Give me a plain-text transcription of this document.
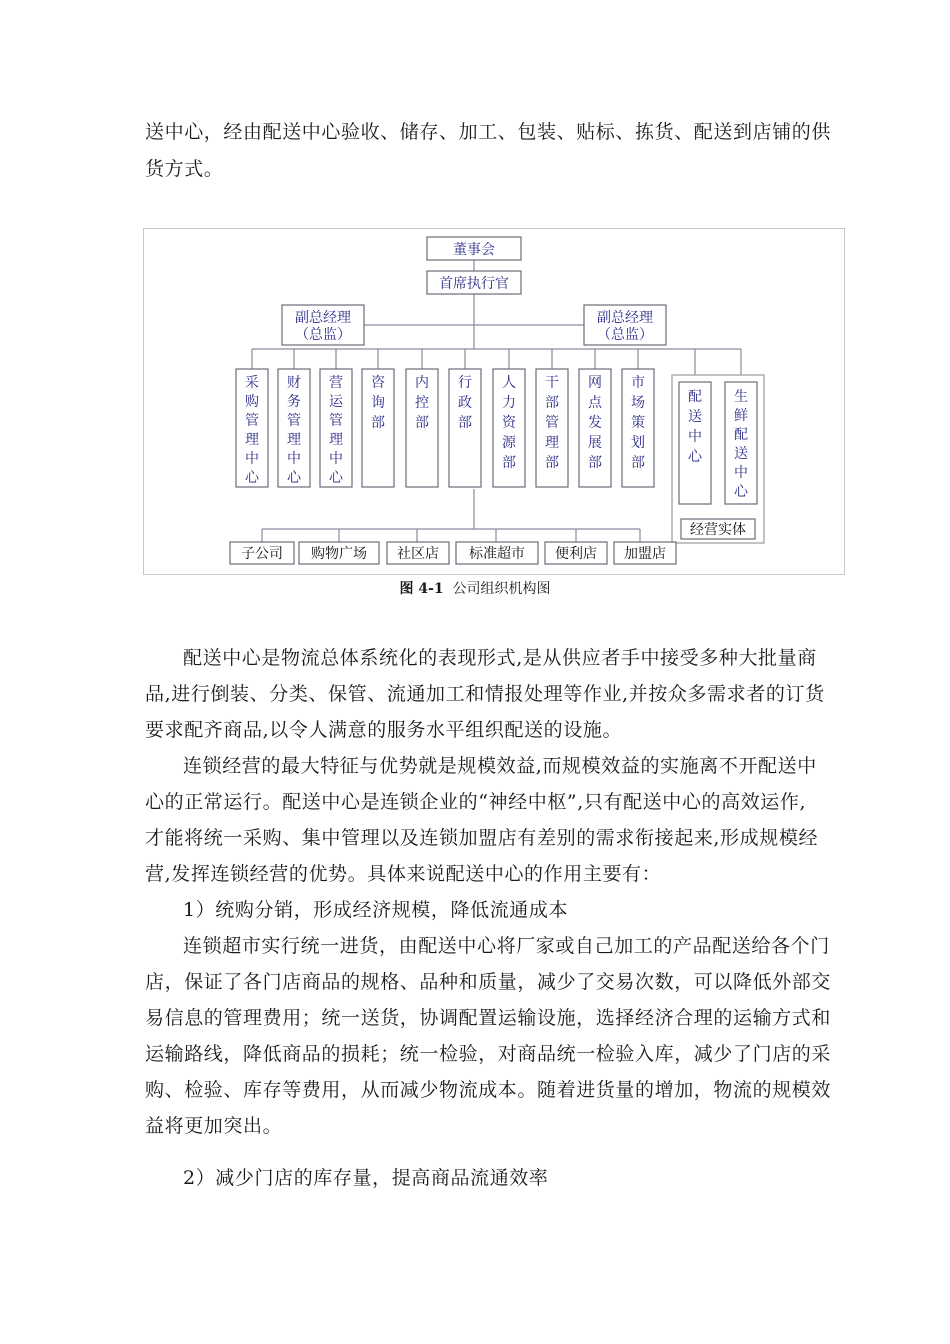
送中心，经由配送中心验收、储存、加工、包装、贴标、拣货、配送到店铺的供
货方式。
董事会
首席执行官
副总经理
（总监）
副总经理
（总监）
采购管理中心
财务管理中心
营运管理中心
咨询部
内控部
行政部
人力资源部
干部管理部
网点发展部
市场策划部
配送中心
生鲜配送中心
经营实体
子公司 购物广场 社区店 标准超市 便利店 加盟店
图 4-1 公司组织机构图
配送中心是物流总体系统化的表现形式,是从供应者手中接受多种大批量商
品,进行倒装、分类、保管、流通加工和情报处理等作业,并按众多需求者的订货
要求配齐商品,以令人满意的服务水平组织配送的设施。
连锁经营的最大特征与优势就是规模效益,而规模效益的实施离不开配送中
心的正常运行。配送中心是连锁企业的“神经中枢”,只有配送中心的高效运作,
才能将统一采购、集中管理以及连锁加盟店有差别的需求衔接起来,形成规模经
营,发挥连锁经营的优势。具体来说配送中心的作用主要有：
1）统购分销，形成经济规模，降低流通成本
连锁超市实行统一进货，由配送中心将厂家或自己加工的产品配送给各个门
店，保证了各门店商品的规格、品种和质量，减少了交易次数，可以降低外部交
易信息的管理费用；统一送货，协调配置运输设施，选择经济合理的运输方式和
运输路线，降低商品的损耗；统一检验，对商品统一检验入库，减少了门店的采
购、检验、库存等费用，从而减少物流成本。随着进货量的增加，物流的规模效
益将更加突出。
2）减少门店的库存量，提高商品流通效率
